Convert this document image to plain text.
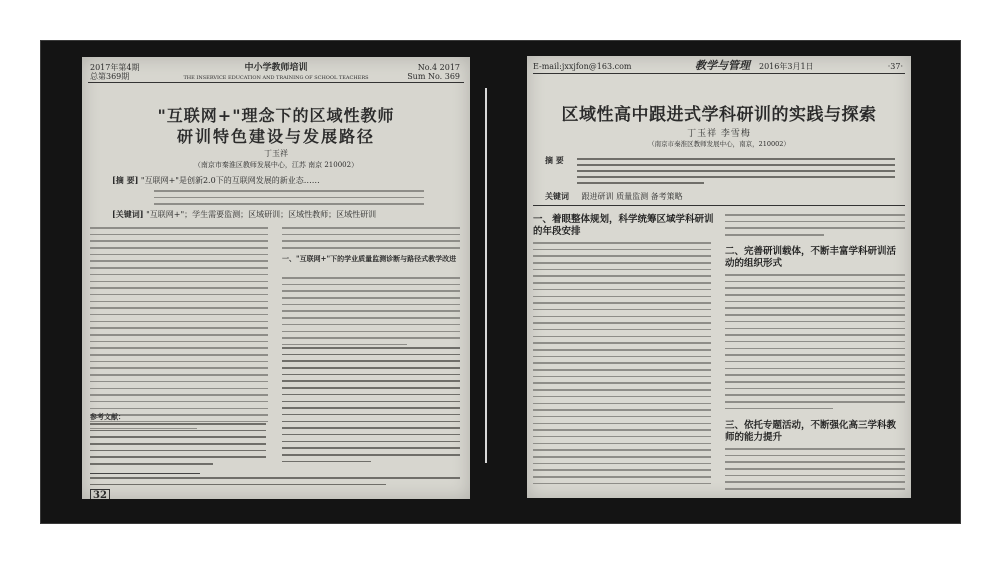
2017年第4期
总第369期
中小学教师培训
THE INSERVICE EDUCATION AND TRAINING OF SCHOOL TEACHERS
No.4 2017
Sum No. 369
"互联网+"理念下的区域性教师
研训特色建设与发展路径
丁玉祥
（南京市秦淮区教师发展中心，江苏 南京 210002）
[摘 要] "互联网+"是创新2.0下的互联网发展的新业态……
[关键词] "互联网+"；学生需要监测；区域研训；区域性教师；区域性研训
参考文献：
一、"互联网+"下的学业质量监测诊断与路径式教学改进
32
E-mail:jxxjfon@163.com	教学与管理 2016年3月1日	·37·
区域性高中跟进式学科研训的实践与探索
丁玉祥 李雪梅
（南京市秦淮区教师发展中心，南京，210002）
摘 要
关键词 跟进研训 质量监测 备考策略
一、着眼整体规划，科学统筹区域学科研训
的年段安排
二、完善研训载体，不断丰富学科研训活
动的组织形式
三、依托专题活动，不断强化高三学科教
师的能力提升
